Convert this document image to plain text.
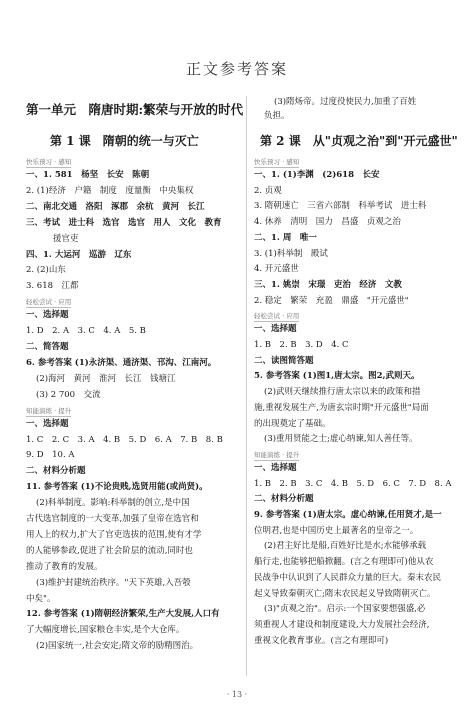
正文参考答案
第一单元　隋唐时期:繁荣与开放的时代
第 1 课　隋朝的统一与灭亡
快乐预习 · 感知
一、1. 581　杨坚　长安　陈朝
2. (1)经济　户籍　制度　度量衡　中央集权
二、南北交通　洛阳　涿郡　余杭　黄河　长江
三、考试　进士科　选官　选官　用人　文化　教育
　　援官吏
四、1. 大运河　巡游　辽东
2. (2)山东
3. 618　江都
轻松尝试 · 应用
一、选择题
1. D　2. A　3. C　4. A　5. B
二、简答题
6. 参考答案 (1)永济渠、通济渠、邗沟、江南河。
(2)海河　黄河　淮河　长江　钱塘江
(3) 2 700　交流
知能演练 · 提升
一、选择题
1. C　2. C　3. A　4. B　5. D　6. A　7. B　8. B
9. D　10. A
二、材料分析题
11. 参考答案 (1)不论贵贱,选贤用能(或尚贤)。
(2)科举制度。影响:科举制的创立,是中国
古代选官制度的一大变革,加强了皇帝在选官和
用人上的权力,扩大了官吏选拔的范围,使有才学
的人能够参政,促进了社会阶层的流动,同时也
推动了教育的发展。
(3)维护封建统治秩序。"天下英雄,入吾彀
中矣"。
12. 参考答案 (1)隋朝经济繁荣,生产大发展,人口有
了大幅度增长,国家粮仓丰实,是个大仓库。
(2)国家统一,社会安定;隋文帝的励精图治。
第 2 课　从"贞观之治"到"开元盛世"
(3)隋炀帝。过度役使民力,加重了百姓
负担。
快乐预习 · 感知
一、1. (1)李渊　(2)618　长安
2. 贞观
3. 隋朝速亡　三省六部制　科举考试　进士科
4. 休养　清明　国力　昌盛　贞观之治
二、1. 周　唯一
3. (1)科举制　殿试
4. 开元盛世
三、1. 姚崇　宋璟　吏治　经济　文教
2. 稳定　繁荣　充盈　鼎盛　"开元盛世"
轻松尝试 · 应用
一、选择题
1. B　2. B　3. D　4. C
二、读图简答题
5. 参考答案 (1)图1,唐太宗。图2,武则天。
(2)武则天继续推行唐太宗以来的政策和措
施,重视发展生产,为唐玄宗时期"开元盛世"局面
的出现奠定了基础。
(3)重用贤能之士;虚心纳谏,知人善任等。
知能演练 · 提升
一、选择题
1. B　2. B　3. C　4. B　5. D　6. C　7. D　8. A
二、材料分析题
9. 参考答案 (1)唐太宗。虚心纳谏,任用贤才,是一
位明君,也是中国历史上最著名的皇帝之一。
(2)君主好比是船,百姓好比是水;水能够承载
船行走,也能够把船掀翻。(言之有理即可)他从农
民战争中认识到了人民群众力量的巨大。秦末农民
起义导致秦朝灭亡;隋末农民起义导致隋朝灭亡。
(3)"贞观之治"。启示:一个国家要想强盛,必
须重视人才建设和制度建设,大力发展社会经济,
重视文化教育事业。(言之有理即可)
· 13 ·
